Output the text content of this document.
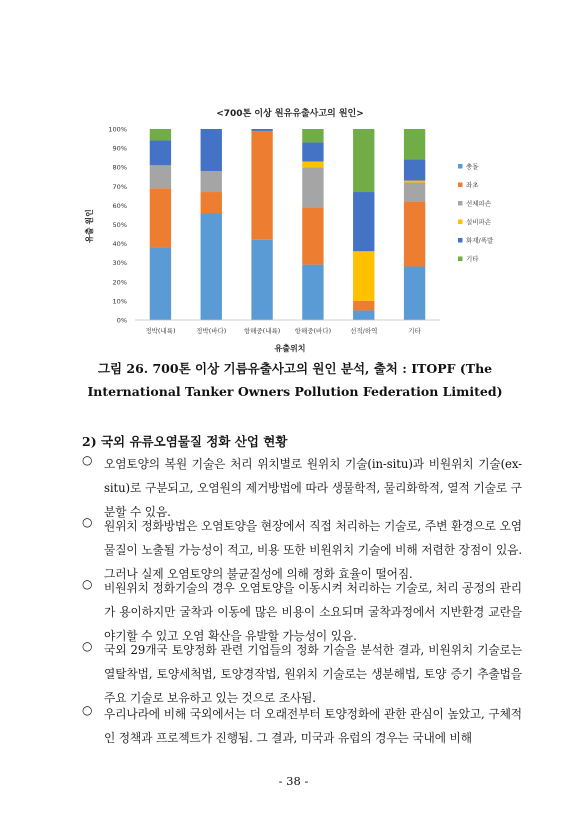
<700톤 이상 원유유출사고의 원인>
유출 원인
유출위치
0%
10%
20%
30%
40%
50%
60%
70%
80%
90%
100%
정박(내륙)	정박(바다)	항해중(내륙) 항해중(바다)	선적/하역	기타
충돌
좌초
선체파손
설비파손
화재/폭발
기타
그림 26. 700톤 이상 기름유출사고의 원인 분석, 출처 : ITOPF (The
International Tanker Owners Pollution Federation Limited)
2) 국외 유류오염물질 정화 산업 현황
○ 오염토양의 복원 기술은 처리 위치별로 원위치 기술(in-situ)과 비원위치 기술(ex-situ)로 구분되고, 오염원의 제거방법에 따라 생물학적, 물리화학적, 열적 기술로 구분할 수 있음.
○ 원위치 정화방법은 오염토양을 현장에서 직접 처리하는 기술로, 주변 환경으로 오염물질이 노출될 가능성이 적고, 비용 또한 비원위치 기술에 비해 저렴한 장점이 있음. 그러나 실제 오염토양의 불균질성에 의해 정화 효율이 떨어짐.
○ 비원위치 정화기술의 경우 오염토양을 이동시켜 처리하는 기술로, 처리 공정의 관리가 용이하지만 굴착과 이동에 많은 비용이 소요되며 굴착과정에서 지반환경 교란을 야기할 수 있고 오염 확산을 유발할 가능성이 있음.
○ 국외 29개국 토양정화 관련 기업들의 정화 기술을 분석한 결과, 비원위치 기술로는 열탈착법, 토양세척법, 토양경작법, 원위치 기술로는 생분해법, 토양 증기 추출법을 주요 기술로 보유하고 있는 것으로 조사됨.
○ 우리나라에 비해 국외에서는 더 오래전부터 토양정화에 관한 관심이 높았고, 구체적인 정책과 프로젝트가 진행됨. 그 결과, 미국과 유럽의 경우는 국내에 비해
- 38 -
